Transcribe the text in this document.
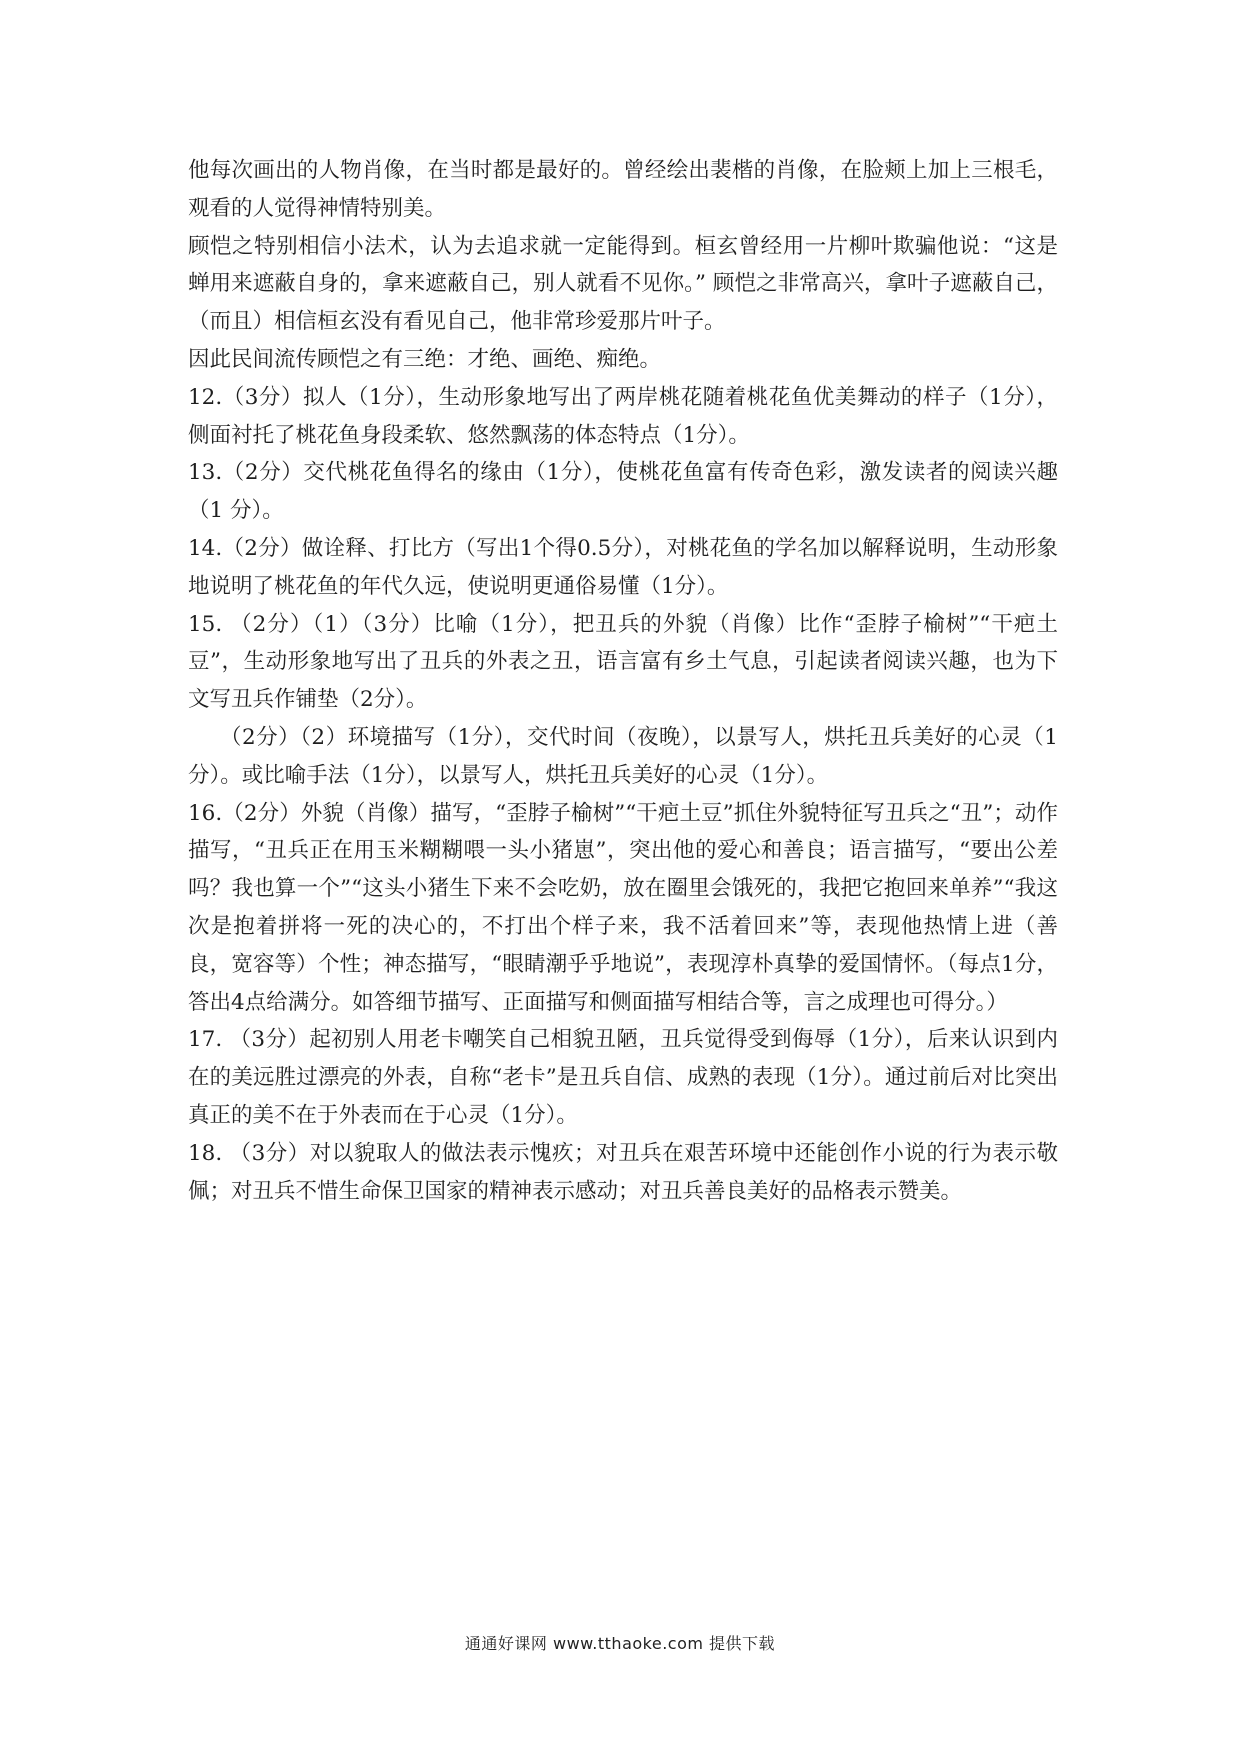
他每次画出的人物肖像，在当时都是最好的。曾经绘出裴楷的肖像，在脸颊上加上三根毛，观看的人觉得神情特别美。

顾恺之特别相信小法术，认为去追求就一定能得到。桓玄曾经用一片柳叶欺骗他说：“这是蝉用来遮蔽自身的，拿来遮蔽自己，别人就看不见你。” 顾恺之非常高兴，拿叶子遮蔽自己，（而且）相信桓玄没有看见自己，他非常珍爱那片叶子。

因此民间流传顾恺之有三绝：才绝、画绝、痴绝。

12.（3分）拟人（1分），生动形象地写出了两岸桃花随着桃花鱼优美舞动的样子（1分），侧面衬托了桃花鱼身段柔软、悠然飘荡的体态特点（1分）。

13.（2分）交代桃花鱼得名的缘由（1分），使桃花鱼富有传奇色彩，激发读者的阅读兴趣（1 分）。

14.（2分）做诠释、打比方（写出1个得0.5分），对桃花鱼的学名加以解释说明，生动形象地说明了桃花鱼的年代久远，使说明更通俗易懂（1分）。

15. （2分）（1）（3分）比喻（1分），把丑兵的外貌（肖像）比作“歪脖子榆树”“干疤土豆”，生动形象地写出了丑兵的外表之丑，语言富有乡土气息，引起读者阅读兴趣，也为下文写丑兵作铺垫（2分）。

（2分）（2）环境描写（1分），交代时间（夜晚），以景写人，烘托丑兵美好的心灵（1分）。或比喻手法（1分），以景写人，烘托丑兵美好的心灵（1分）。

16.（2分）外貌（肖像）描写，“歪脖子榆树”“干疤土豆”抓住外貌特征写丑兵之“丑”；动作描写，“丑兵正在用玉米糊糊喂一头小猪崽”，突出他的爱心和善良；语言描写，“要出公差吗？我也算一个”“这头小猪生下来不会吃奶，放在圈里会饿死的，我把它抱回来单养”“我这次是抱着拼将一死的决心的，不打出个样子来，我不活着回来”等，表现他热情上进（善良，宽容等）个性；神态描写，“眼睛潮乎乎地说”，表现淳朴真挚的爱国情怀。（每点1分，答出4点给满分。如答细节描写、正面描写和侧面描写相结合等，言之成理也可得分。）

17. （3分）起初别人用老卡嘲笑自己相貌丑陋，丑兵觉得受到侮辱（1分），后来认识到内在的美远胜过漂亮的外表，自称“老卡”是丑兵自信、成熟的表现（1分）。通过前后对比突出真正的美不在于外表而在于心灵（1分）。

18. （3分）对以貌取人的做法表示愧疚；对丑兵在艰苦环境中还能创作小说的行为表示敬佩；对丑兵不惜生命保卫国家的精神表示感动；对丑兵善良美好的品格表示赞美。

通通好课网 www.tthaoke.com 提供下载
